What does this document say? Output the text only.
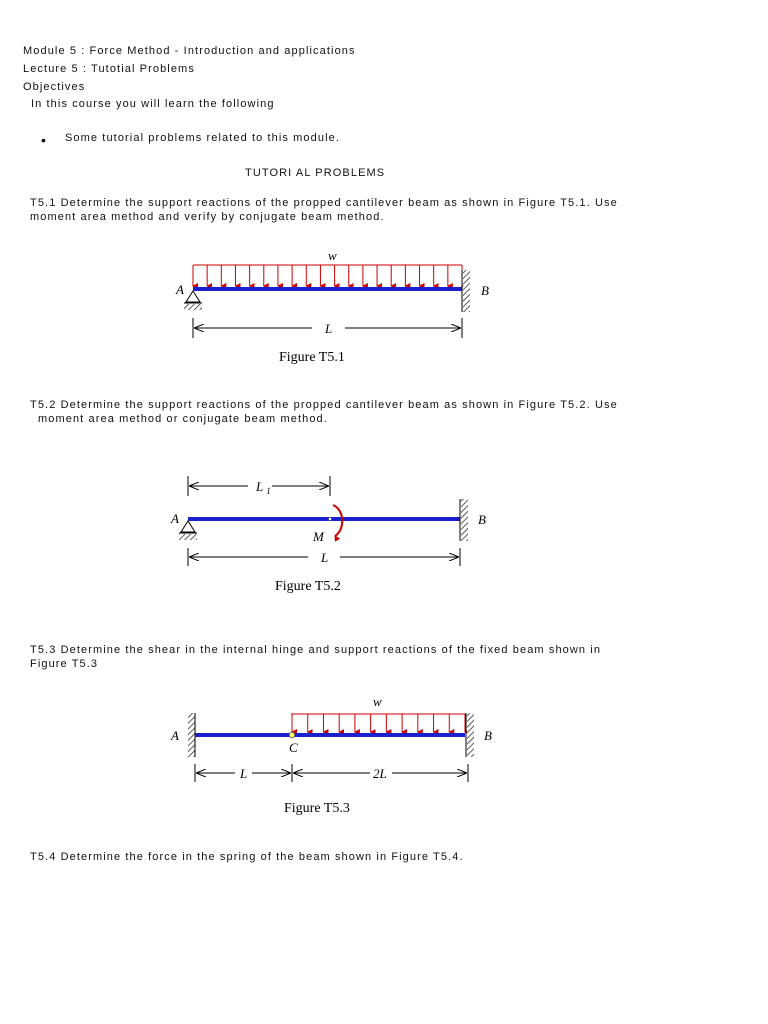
Module 5 : Force Method - Introduction and applications
Lecture 5 : Tutotial Problems
Objectives
In this course you will learn the following
• Some tutorial problems related to this module.
TUTORI AL PROBLEMS
T5.1 Determine the support reactions of the propped cantilever beam as shown in Figure T5.1. Use
moment area method and verify by conjugate beam method.
T5.2 Determine the support reactions of the propped cantilever beam as shown in Figure T5.2. Use
moment area method or conjugate beam method.
T5.3 Determine the shear in the internal hinge and support reactions of the fixed beam shown in
Figure T5.3
T5.4 Determine the force in the spring of the beam shown in Figure T5.4.
w
A	B
L
Figure T5.1
L $_1$
A	B
M
L
Figure T5.2
w
A	B
C
L	2L
Figure T5.3
